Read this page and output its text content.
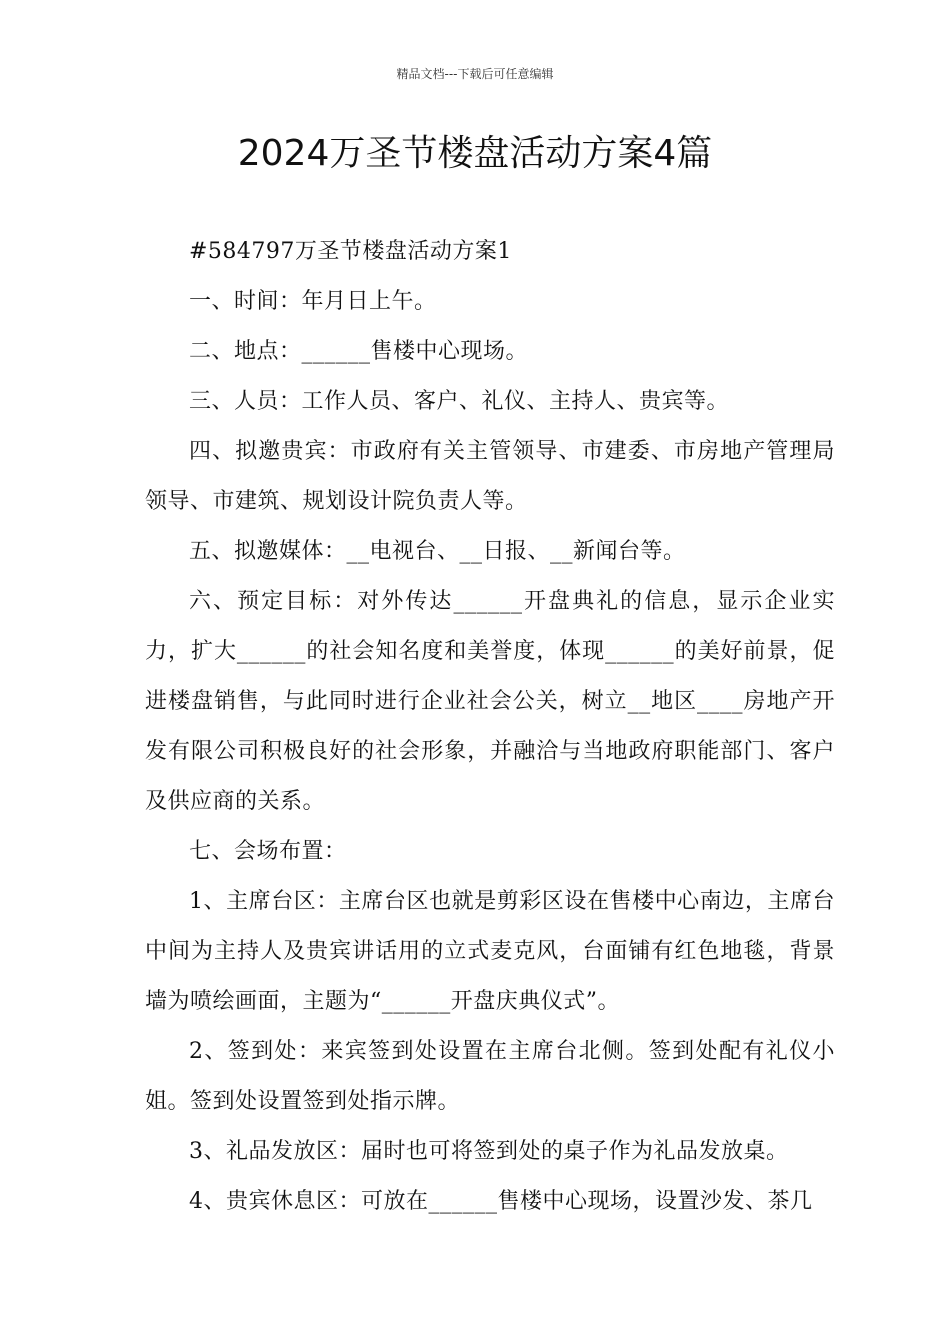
精品文档---下载后可任意编辑
2024万圣节楼盘活动方案4篇

#584797万圣节楼盘活动方案1

一、时间：年月日上午。

二、地点：______售楼中心现场。

三、人员：工作人员、客户、礼仪、主持人、贵宾等。

四、拟邀贵宾：市政府有关主管领导、市建委、市房地产管理局领导、市建筑、规划设计院负责人等。

五、拟邀媒体：__电视台、__日报、__新闻台等。

六、预定目标：对外传达______开盘典礼的信息，显示企业实力，扩大______的社会知名度和美誉度，体现______的美好前景，促进楼盘销售，与此同时进行企业社会公关，树立__地区____房地产开发有限公司积极良好的社会形象，并融洽与当地政府职能部门、客户及供应商的关系。

七、会场布置：

1、主席台区：主席台区也就是剪彩区设在售楼中心南边，主席台中间为主持人及贵宾讲话用的立式麦克风，台面铺有红色地毯，背景墙为喷绘画面，主题为“______开盘庆典仪式”。

2、签到处：来宾签到处设置在主席台北侧。签到处配有礼仪小姐。签到处设置签到处指示牌。

3、礼品发放区：届时也可将签到处的桌子作为礼品发放桌。

4、贵宾休息区：可放在______售楼中心现场，设置沙发、茶几
